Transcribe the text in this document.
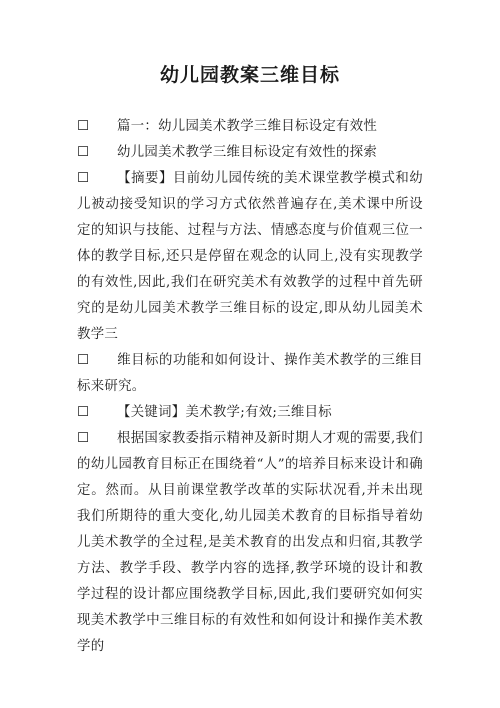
幼儿园教案三维目标

☐ 篇一：幼儿园美术教学三维目标设定有效性

☐ 幼儿园美术教学三维目标设定有效性的探索

☐ 【摘要】目前幼儿园传统的美术课堂教学模式和幼儿被动接受知识的学习方式依然普遍存在,美术课中所设定的知识与技能、过程与方法、情感态度与价值观三位一体的教学目标,还只是停留在观念的认同上,没有实现教学的有效性,因此,我们在研究美术有效教学的过程中首先研究的是幼儿园美术教学三维目标的设定,即从幼儿园美术教学三

☐ 维目标的功能和如何设计、操作美术教学的三维目标来研究。

☐ 【关键词】美术教学;有效;三维目标

☐ 根据国家教委指示精神及新时期人才观的需要,我们的幼儿园教育目标正在围绕着“人”的培养目标来设计和确定。然而。从目前课堂教学改革的实际状况看,并未出现我们所期待的重大变化,幼儿园美术教育的目标指导着幼儿美术教学的全过程,是美术教育的出发点和归宿,其教学方法、教学手段、教学内容的选择,教学环境的设计和教学过程的设计都应围绕教学目标,因此,我们要研究如何实现美术教学中三维目标的有效性和如何设计和操作美术教学的
